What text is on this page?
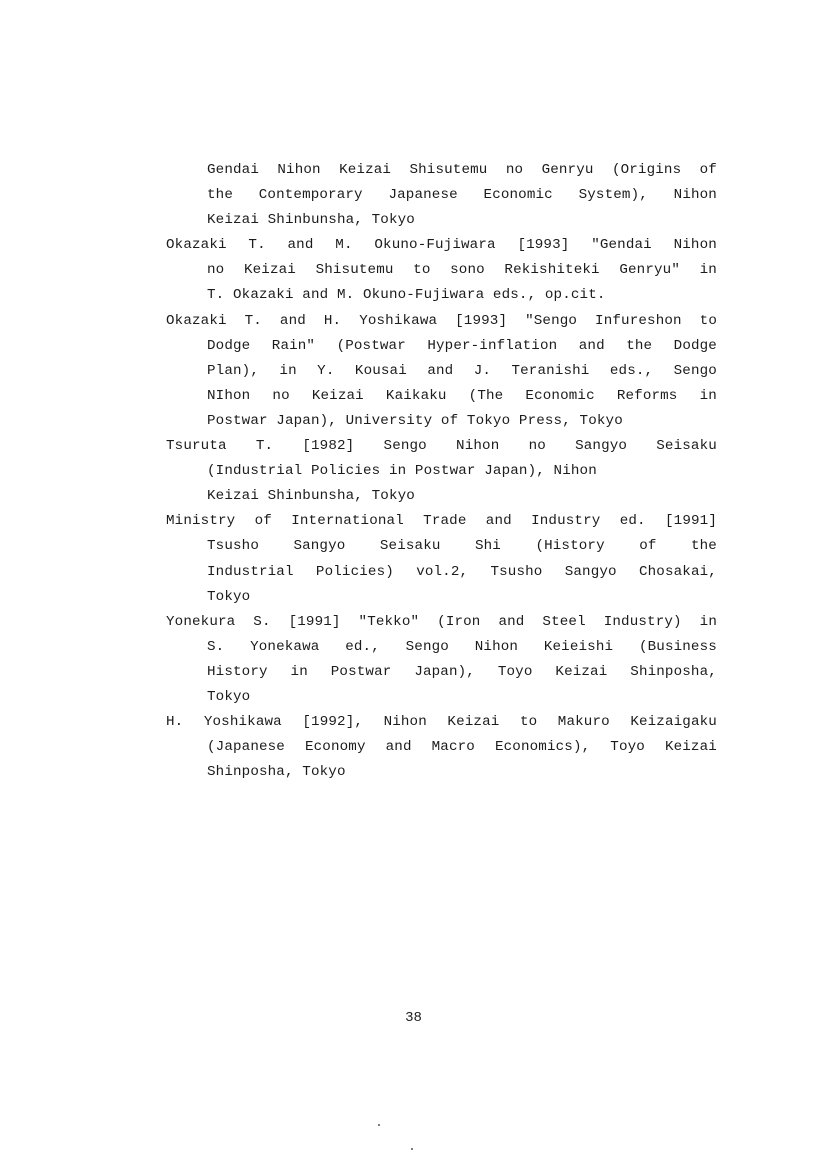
Gendai Nihon Keizai Shisutemu no Genryu (Origins of
the Contemporary Japanese Economic System), Nihon
Keizai Shinbunsha, Tokyo
Okazaki T. and M. Okuno-Fujiwara [1993] "Gendai Nihon
no Keizai Shisutemu to sono Rekishiteki Genryu" in
T. Okazaki and M. Okuno-Fujiwara eds., op.cit.
Okazaki T. and H. Yoshikawa [1993] "Sengo Infureshon to
Dodge Rain" (Postwar Hyper-inflation and the Dodge
Plan), in Y. Kousai and J. Teranishi eds., Sengo
NIhon no Keizai Kaikaku (The Economic Reforms in
Postwar Japan), University of Tokyo Press, Tokyo
Tsuruta T. [1982] Sengo Nihon no Sangyo Seisaku
(Industrial Policies in Postwar Japan), Nihon
Keizai Shinbunsha, Tokyo
Ministry of International Trade and Industry ed. [1991]
Tsusho Sangyo Seisaku Shi (History of the
Industrial Policies) vol.2, Tsusho Sangyo Chosakai,
Tokyo
Yonekura S. [1991] "Tekko" (Iron and Steel Industry) in
S. Yonekawa ed., Sengo Nihon Keieishi (Business
History in Postwar Japan), Toyo Keizai Shinposha,
Tokyo
H. Yoshikawa [1992], Nihon Keizai to Makuro Keizaigaku
(Japanese Economy and Macro Economics), Toyo Keizai
Shinposha, Tokyo
38
